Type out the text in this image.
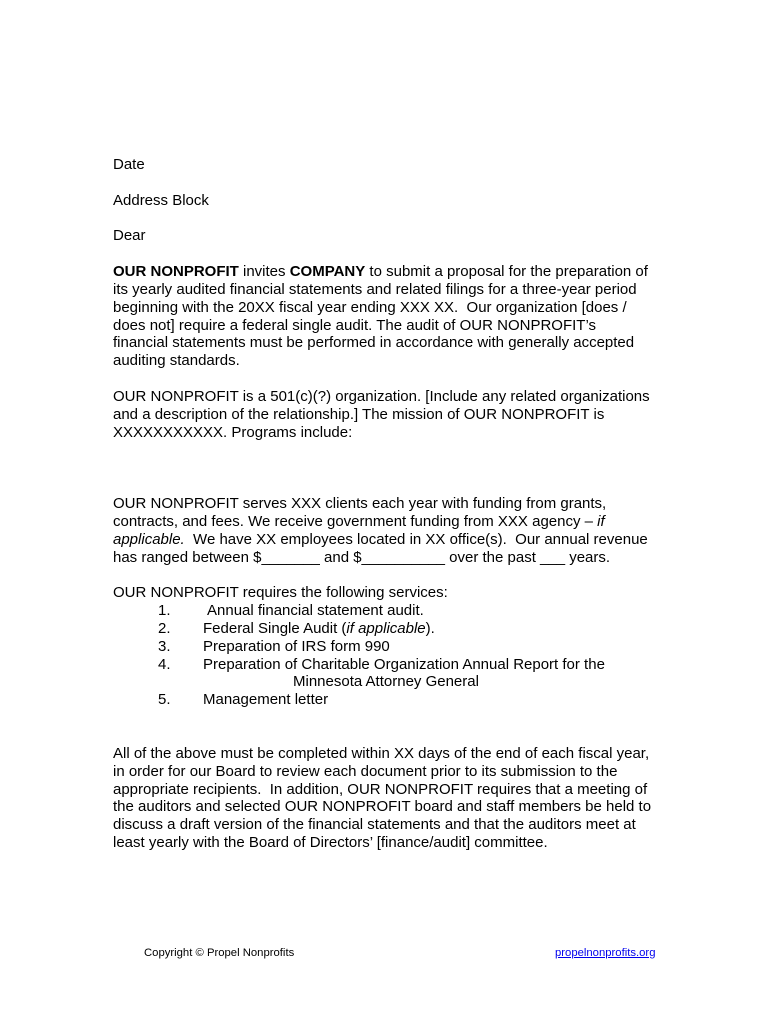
Date
Address Block
Dear
OUR NONPROFIT invites COMPANY to submit a proposal for the preparation of
its yearly audited financial statements and related filings for a three-year period
beginning with the 20XX fiscal year ending XXX XX.  Our organization [does /
does not] require a federal single audit. The audit of OUR NONPROFIT’s
financial statements must be performed in accordance with generally accepted
auditing standards.
OUR NONPROFIT is a 501(c)(?) organization. [Include any related organizations
and a description of the relationship.] The mission of OUR NONPROFIT is
XXXXXXXXXXX. Programs include:
OUR NONPROFIT serves XXX clients each year with funding from grants,
contracts, and fees. We receive government funding from XXX agency – if
applicable. We have XX employees located in XX office(s).  Our annual revenue
has ranged between $_______ and $__________ over the past ___ years.
OUR NONPROFIT requires the following services:
1. Annual financial statement audit.
2. Federal Single Audit ( if applicable ).
3. Preparation of IRS form 990
4. Preparation of Charitable Organization Annual Report for the
Minnesota Attorney General
5. Management letter
All of the above must be completed within XX days of the end of each fiscal year,
in order for our Board to review each document prior to its submission to the
appropriate recipients.  In addition, OUR NONPROFIT requires that a meeting of
the auditors and selected OUR NONPROFIT board and staff members be held to
discuss a draft version of the financial statements and that the auditors meet at
least yearly with the Board of Directors’ [finance/audit] committee.
Copyright © Propel Nonprofits	propelnonprofits.org
